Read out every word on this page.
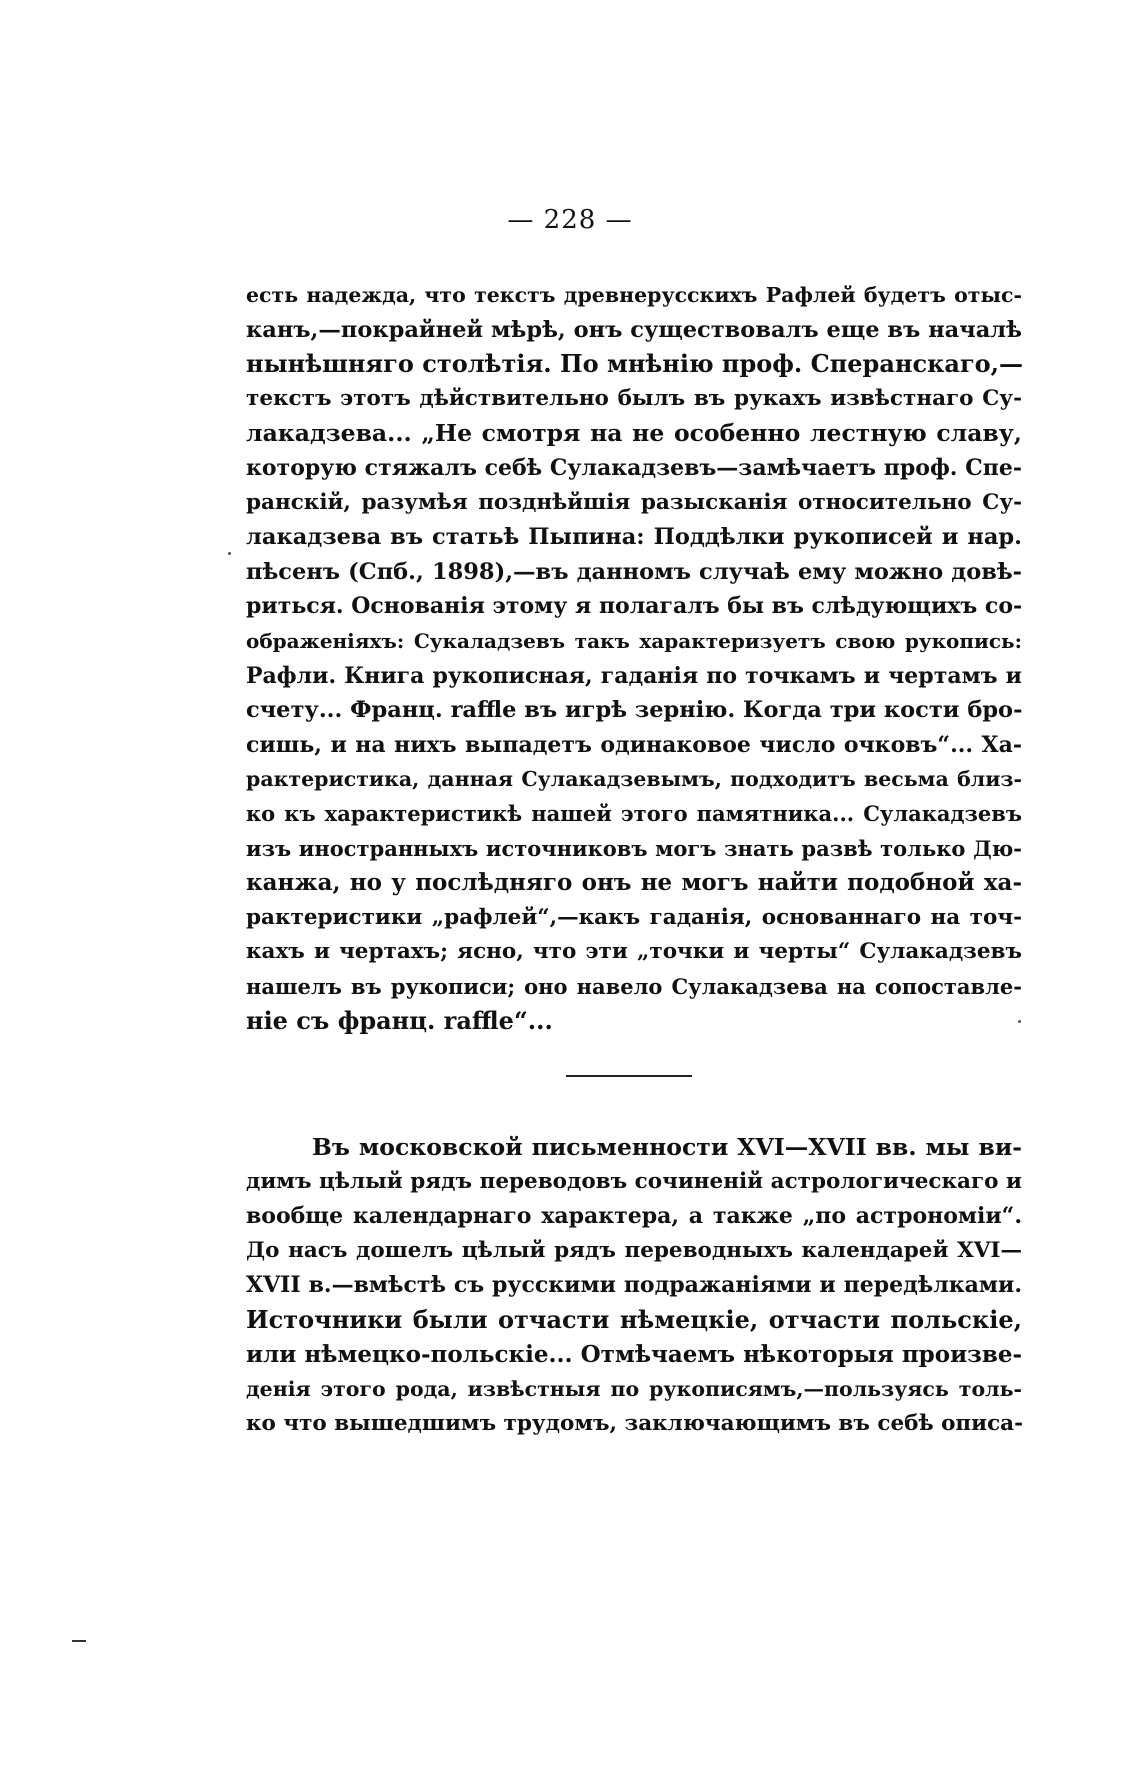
— 228 —
есть надежда, что текстъ древнерусскихъ Рафлей будетъ отыс-
канъ,—покрайней мѣрѣ, онъ существовалъ еще въ началѣ
нынѣшняго столѣтія. По мнѣнію проф. Сперанскаго,—
текстъ этотъ дѣйствительно былъ въ рукахъ извѣстнаго Су-
лакадзева... „Не смотря на не особенно лестную славу,
которую стяжалъ себѣ Сулакадзевъ—замѣчаетъ проф. Спе-
ранскій, разумѣя позднѣйшія разысканія относительно Су-
лакадзева въ статьѣ Пыпина: Поддѣлки рукописей и нар.
пѣсенъ (Спб., 1898),—въ данномъ случаѣ ему можно довѣ-
риться. Основанія этому я полагалъ бы въ слѣдующихъ со-
ображеніяхъ: Сукаладзевъ такъ характеризуетъ свою рукопись:
Рафли. Книга рукописная, гаданія по точкамъ и чертамъ и
счету... Франц. raffle въ игрѣ зернію. Когда три кости бро-
сишь, и на нихъ выпадетъ одинаковое число очковъ“... Ха-
рактеристика, данная Сулакадзевымъ, подходитъ весьма близ-
ко къ характеристикѣ нашей этого памятника... Сулакадзевъ
изъ иностранныхъ источниковъ могъ знать развѣ только Дю-
канжа, но у послѣдняго онъ не могъ найти подобной ха-
рактеристики „рафлей“,—какъ гаданія, основаннаго на точ-
кахъ и чертахъ; ясно, что эти „точки и черты“ Сулакадзевъ
нашелъ въ рукописи; оно навело Сулакадзева на сопоставле-
ніе съ франц. raffle“...
Въ московской письменности XVI—XVII вв. мы ви-
димъ цѣлый рядъ переводовъ сочиненій астрологическаго и
вообще календарнаго характера, а также „по астрономіи“.
До насъ дошелъ цѣлый рядъ переводныхъ календарей XVI—
XVII в.—вмѣстѣ съ русскими подражаніями и передѣлками.
Источники были отчасти нѣмецкіе, отчасти польскіе,
или нѣмецко-польскіе... Отмѣчаемъ нѣкоторыя произве-
денія этого рода, извѣстныя по рукописямъ,—пользуясь толь-
ко что вышедшимъ трудомъ, заключающимъ въ себѣ описа-
